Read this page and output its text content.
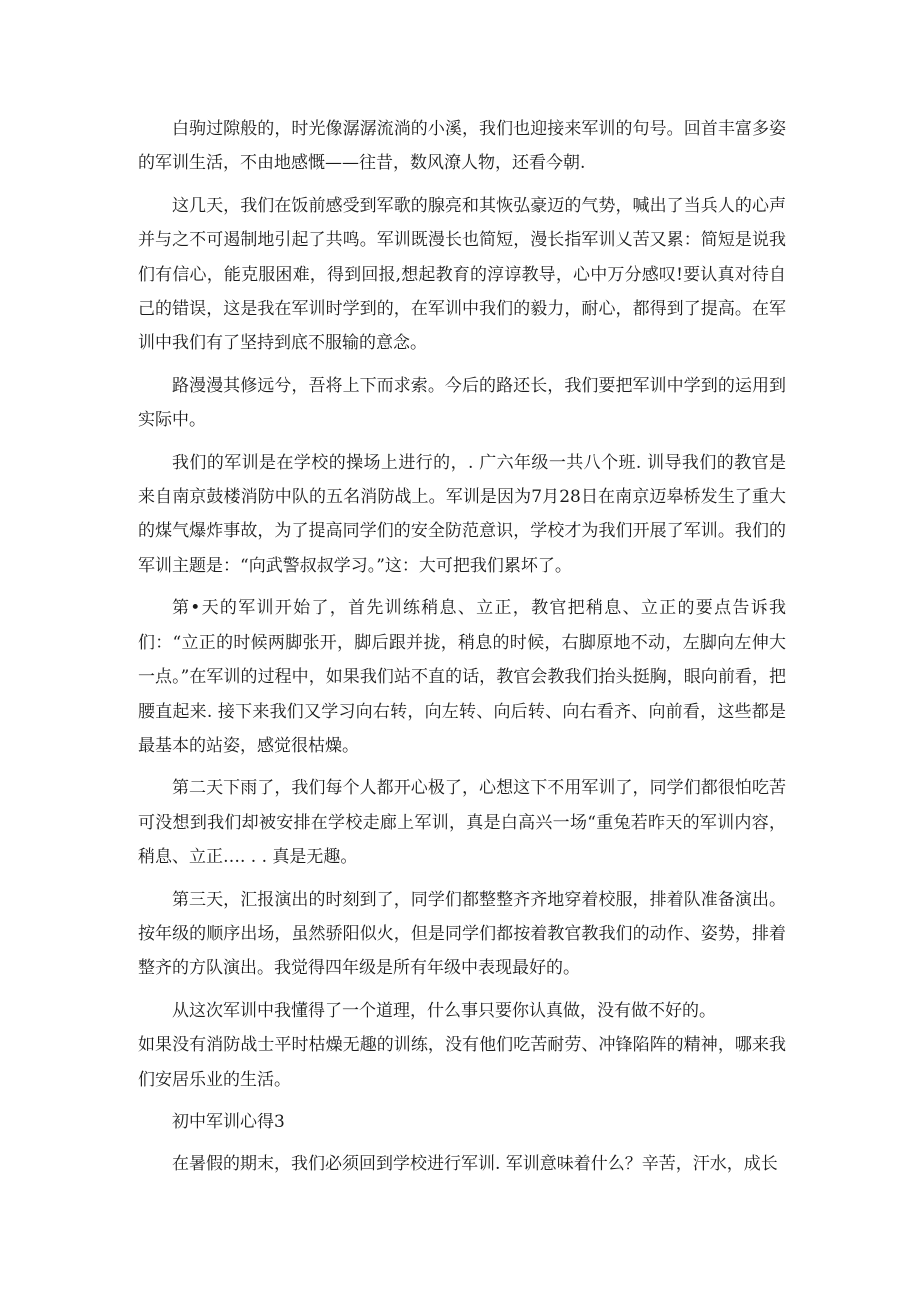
白驹过隙般的，时光像潺潺流淌的小溪，我们也迎接来军训的句号。回首丰富多姿的军训生活，不由地感慨——往昔，数风潦人物，还看今朝.

这几天，我们在饭前感受到军歌的腺亮和其恢弘豪迈的气势，喊出了当兵人的心声并与之不可遏制地引起了共鸣。军训既漫长也简短，漫长指军训乂苦又累：简短是说我们有信心，能克服困难，得到回报,想起教育的淳谆教导，心中万分感叹!要认真对待自己的错误，这是我在军训时学到的，在军训中我们的毅力，耐心，都得到了提高。在军训中我们有了坚持到底不服输的意念。

路漫漫其修远兮，吾将上下而求索。今后的路还长，我们要把军训中学到的运用到实际中。

我们的军训是在学校的操场上进行的，. 广六年级一共八个班. 训导我们的教官是来自南京鼓楼消防中队的五名消防战上。军训是因为7月28日在南京迈皋桥发生了重大的煤气爆炸事故，为了提高同学们的安全防范意识，学校才为我们开展了军训。我们的军训主题是：“向武警叔叔学习。”这：大可把我们累坏了。

第•天的军训开始了，首先训练稍息、立正，教官把稍息、立正的要点告诉我们：“立正的时候两脚张开，脚后跟并拢，稍息的时候，右脚原地不动，左脚向左伸大一点。”在军训的过程中，如果我们站不直的话，教官会教我们抬头挺胸，眼向前看，把腰直起来. 接下来我们又学习向右转，向左转、向后转、向右看齐、向前看，这些都是最基本的站姿，感觉很枯燥。

第二天下雨了，我们每个人都开心极了，心想这下不用军训了，同学们都很怕吃苦可没想到我们却被安排在学校走廊上军训，真是白高兴一场“重兔若昨天的军训内容，稍息、立正…. . . 真是无趣。

第三天，汇报演出的时刻到了，同学们都整整齐齐地穿着校服，排着队准备演出。按年级的顺序出场，虽然骄阳似火，但是同学们都按着教官教我们的动作、姿势，排着整齐的方队演出。我觉得四年级是所有年级中表现最好的。

从这次军训中我懂得了一个道理，什么事只要你认真做，没有做不好的。

如果没有消防战士平时枯燥无趣的训练，没有他们吃苦耐劳、冲锋陷阵的精神，哪来我们安居乐业的生活。

初中军训心得3

在暑假的期末，我们必须回到学校进行军训. 军训意味着什么？辛苦，汗水，成长
